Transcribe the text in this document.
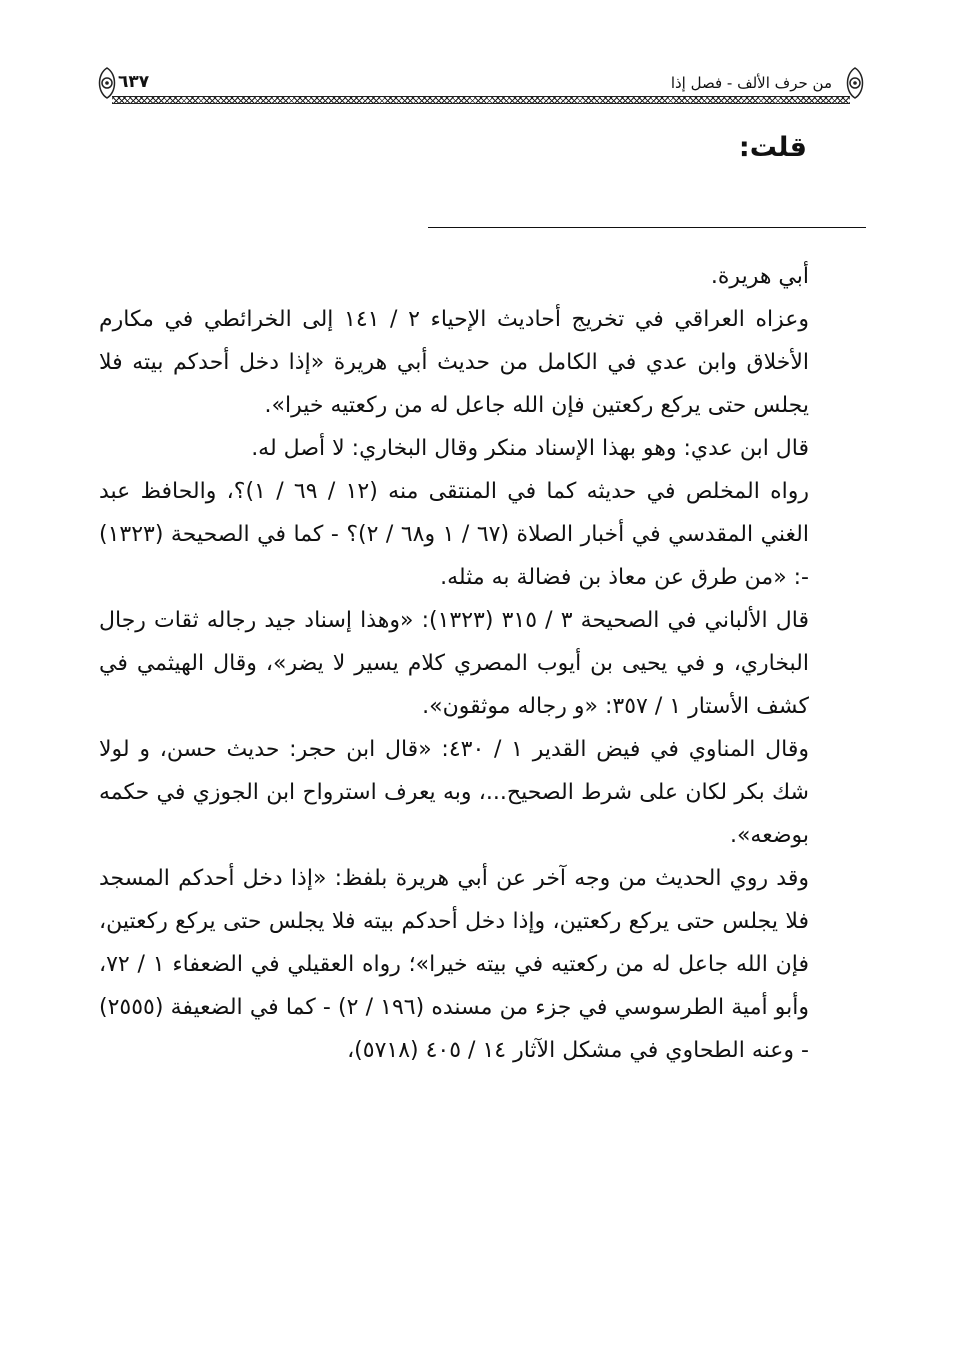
٦٣٧	من حرف الألف - فصل إذا
قلت:

أبي هريرة.

وعزاه العراقي في تخريج أحاديث الإحياء ٢ / ١٤١ إلى الخرائطي في مكارم الأخلاق وابن عدي في الكامل من حديث أبي هريرة «إذا دخل أحدكم بيته فلا يجلس حتى يركع ركعتين فإن الله جاعل له من ركعتيه خيرا».

قال ابن عدي: وهو بهذا الإسناد منكر وقال البخاري: لا أصل له.

رواه المخلص في حديثه كما في المنتقى منه (١٢ / ٦٩ / ١)؟، والحافظ عبد الغني المقدسي في أخبار الصلاة (٦٧ / ١ و٦٨ / ٢)؟ - كما في الصحيحة (١٣٢٣) -: «من طرق عن معاذ بن فضالة به مثله.

قال الألباني في الصحيحة ٣ / ٣١٥ (١٣٢٣): «وهذا إسناد جيد رجاله ثقات رجال البخاري، و في يحيى بن أيوب المصري كلام يسير لا يضر»، وقال الهيثمي في كشف الأستار ١ / ٣٥٧: «و رجاله موثقون».

وقال المناوي في فيض القدير ١ / ٤٣٠: «قال ابن حجر: حديث حسن، و لولا شك بكر لكان على شرط الصحيح...، وبه يعرف استرواح ابن الجوزي في حكمه بوضعه».

وقد روي الحديث من وجه آخر عن أبي هريرة بلفظ: «إذا دخل أحدكم المسجد فلا يجلس حتى يركع ركعتين، وإذا دخل أحدكم بيته فلا يجلس حتى يركع ركعتين، فإن الله جاعل له من ركعتيه في بيته خيرا»؛ رواه العقيلي في الضعفاء ١ / ٧٢، وأبو أمية الطرسوسي في جزء من مسنده (١٩٦ / ٢) - كما في الضعيفة (٢٥٥٥) - وعنه الطحاوي في مشكل الآثار ١٤ / ٤٠٥ (٥٧١٨)،
